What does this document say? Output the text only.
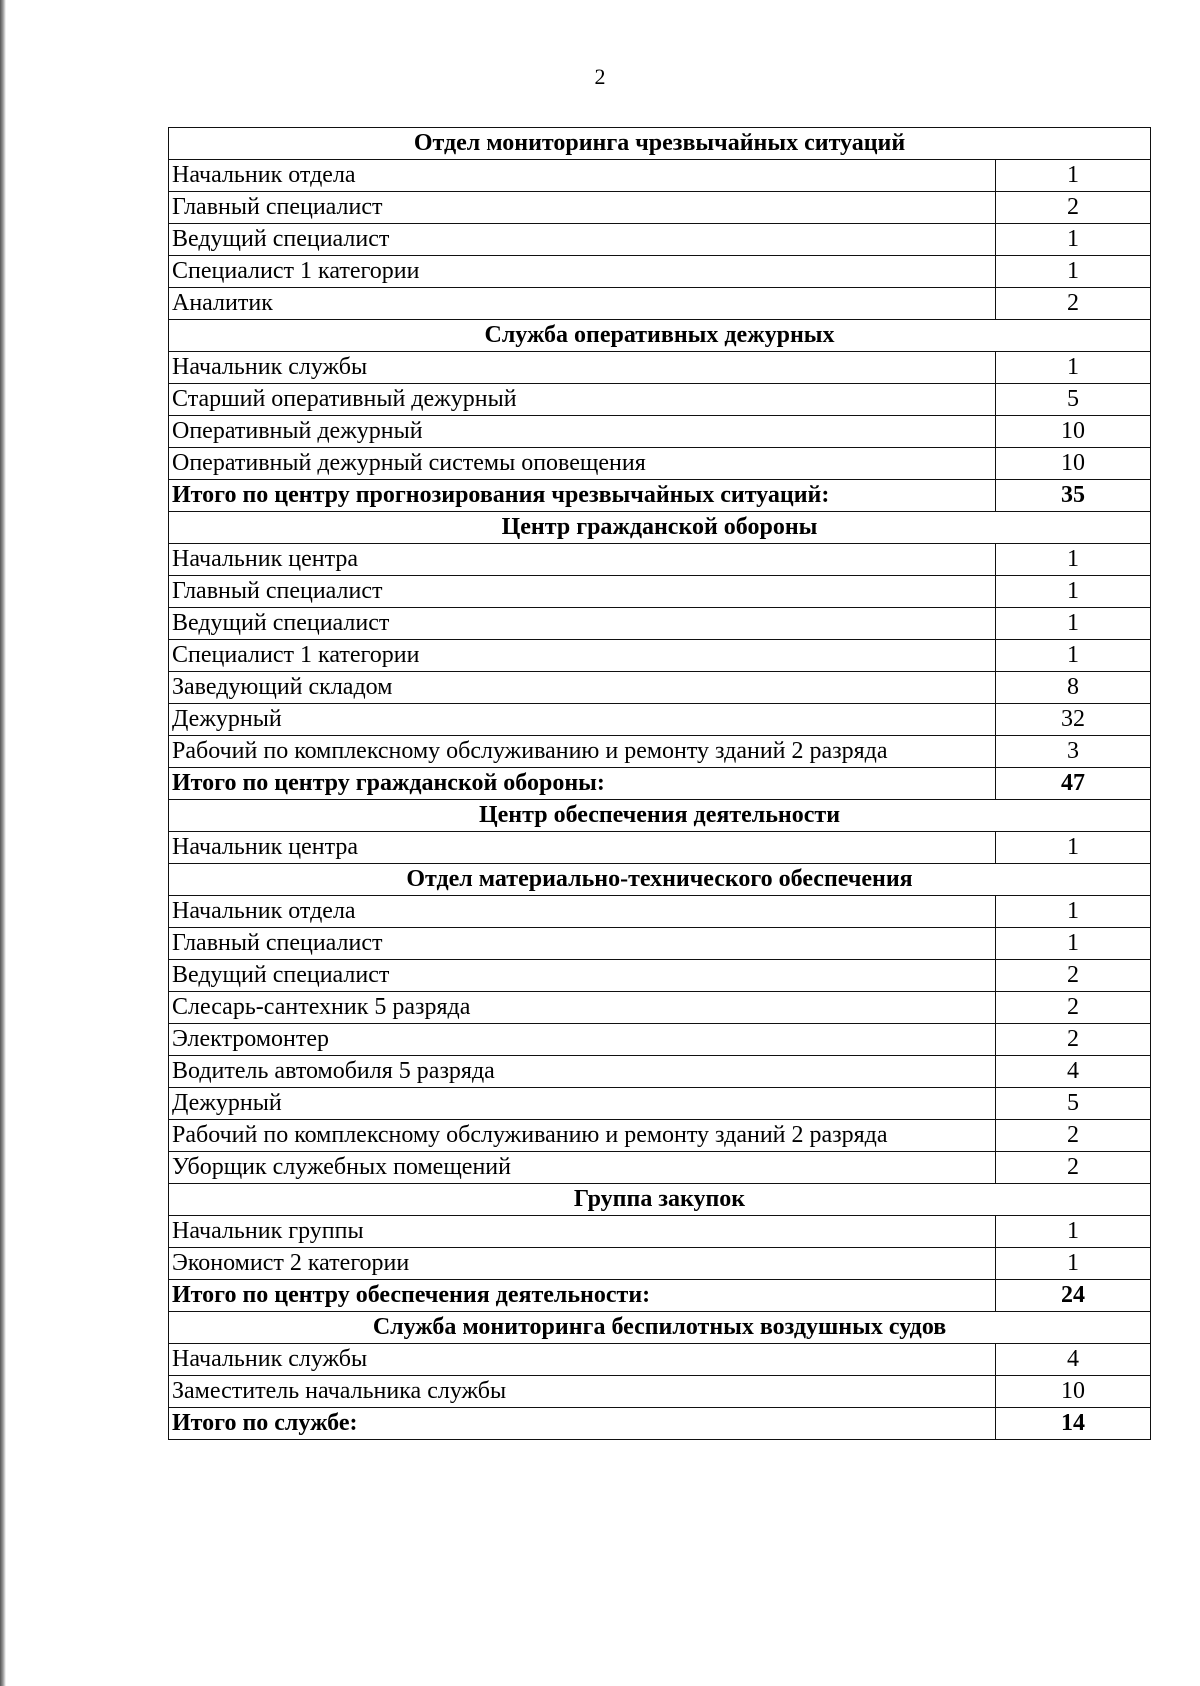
2
Отдел мониторинга чрезвычайных ситуаций	
Начальник отдела	1
Главный специалист	2
Ведущий специалист	1
Специалист 1 категории	1
Аналитик	2
Служба оперативных дежурных	
Начальник службы	1
Старший оперативный дежурный	5
Оперативный дежурный	10
Оперативный дежурный системы оповещения	10
Итого по центру прогнозирования чрезвычайных ситуаций:	35
Центр гражданской обороны	
Начальник центра	1
Главный специалист	1
Ведущий специалист	1
Специалист 1 категории	1
Заведующий складом	8
Дежурный	32
Рабочий по комплексному обслуживанию и ремонту зданий 2 разряда	3
Итого по центру гражданской обороны:	47
Центр обеспечения деятельности	
Начальник центра	1
Отдел материально-технического обеспечения	
Начальник отдела	1
Главный специалист	1
Ведущий специалист	2
Слесарь-сантехник 5 разряда	2
Электромонтер	2
Водитель автомобиля 5 разряда	4
Дежурный	5
Рабочий по комплексному обслуживанию и ремонту зданий 2 разряда	2
Уборщик служебных помещений	2
Группа закупок	
Начальник группы	1
Экономист 2 категории	1
Итого по центру обеспечения деятельности:	24
Служба мониторинга беспилотных воздушных судов	
Начальник службы	4
Заместитель начальника службы	10
Итого по службе:	14
